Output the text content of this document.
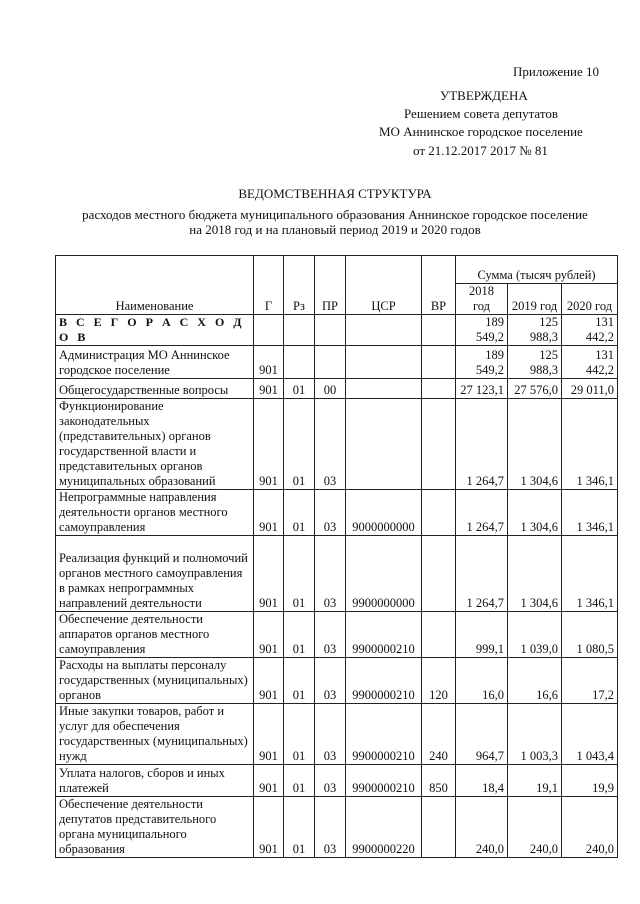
Приложение 10
УТВЕРЖДЕНА
Решением совета депутатов
МО Аннинское городское поселение
от 21.12.2017 2017 № 81
ВЕДОМСТВЕННАЯ СТРУКТУРА
расходов местного бюджета муниципального образования Аннинское городское поселение
на 2018 год и на плановый период 2019 и 2020 годов
Наименование	Г	Рз	ПР	ЦСР	ВР	Сумма (тысяч рублей)		
						2018 год	2019 год	2020 год
В С Е Г О Р А С Х О Д О В						189 549,2	125 988,3	131 442,2
Администрация МО Аннинское городское поселение	901					189 549,2	125 988,3	131 442,2
Общегосударственные вопросы	901	01	00			27 123,1	27 576,0	29 011,0
Функционирование законодательных (представительных) органов государственной власти и представительных органов муниципальных образований	901	01	03			1 264,7	1 304,6	1 346,1
Непрограммные направления деятельности органов местного самоуправления	901	01	03	9000000000		1 264,7	1 304,6	1 346,1
Реализация функций и полномочий органов местного самоуправления в рамках непрограммных направлений деятельности	901	01	03	9900000000		1 264,7	1 304,6	1 346,1
Обеспечение деятельности аппаратов органов местного самоуправления	901	01	03	9900000210		999,1	1 039,0	1 080,5
Расходы на выплаты персоналу государственных (муниципальных) органов	901	01	03	9900000210	120	16,0	16,6	17,2
Иные закупки товаров, работ и услуг для обеспечения государственных (муниципальных) нужд	901	01	03	9900000210	240	964,7	1 003,3	1 043,4
Уплата налогов, сборов и иных платежей	901	01	03	9900000210	850	18,4	19,1	19,9
Обеспечение деятельности депутатов представительного органа муниципального образования	901	01	03	9900000220		240,0	240,0	240,0
